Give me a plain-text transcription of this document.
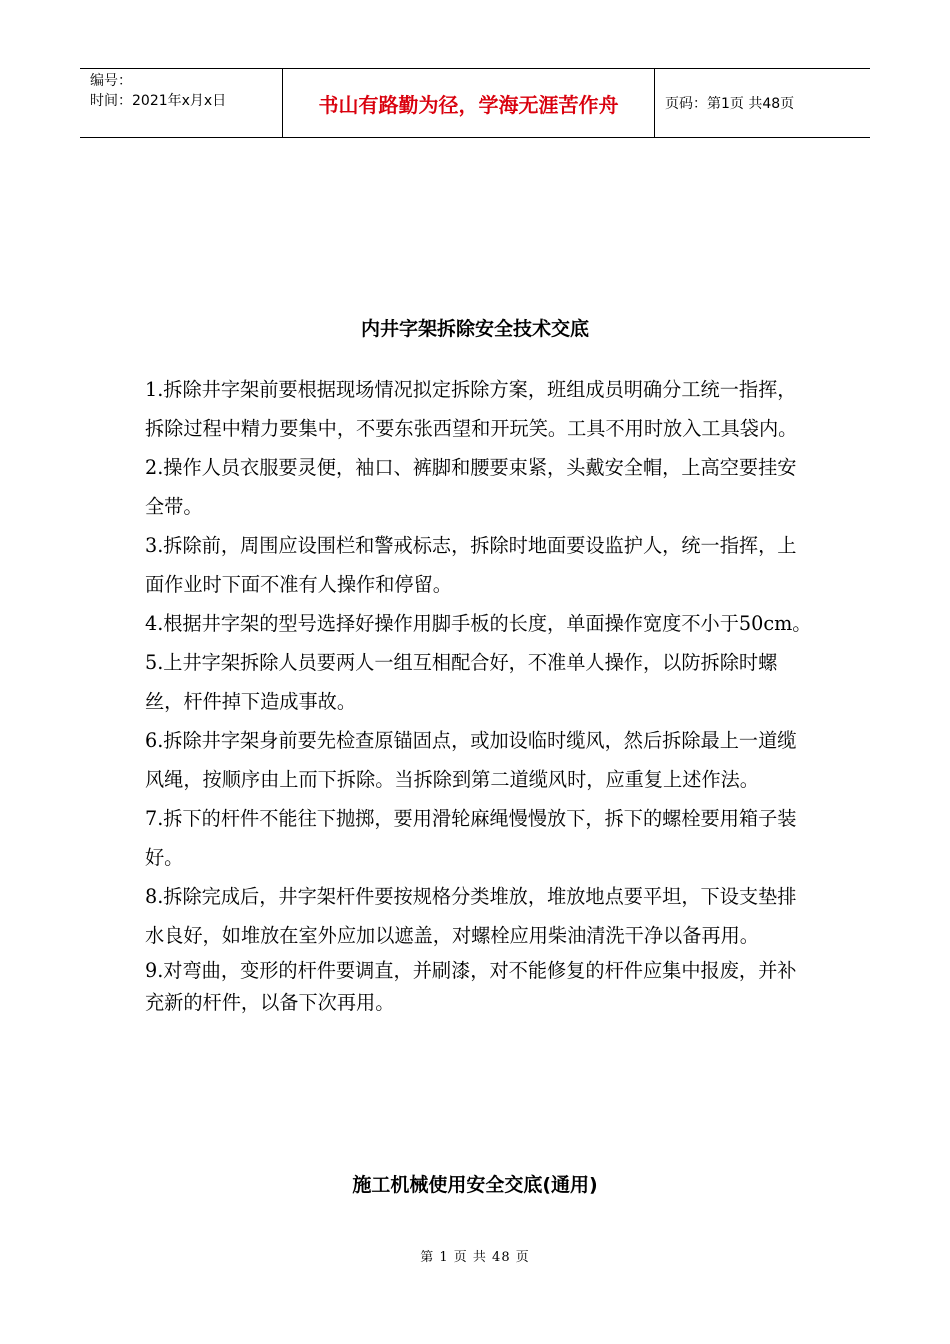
编号：
时间：2021年x月x日	书山有路勤为径，学海无涯苦作舟	页码：第1页 共48页
内井字架拆除安全技术交底

1.拆除井字架前要根据现场情况拟定拆除方案，班组成员明确分工统一指挥，拆除过程中精力要集中，不要东张西望和开玩笑。工具不用时放入工具袋内。

2.操作人员衣服要灵便，袖口、裤脚和腰要束紧，头戴安全帽，上高空要挂安全带。

3.拆除前，周围应设围栏和警戒标志，拆除时地面要设监护人，统一指挥，上面作业时下面不准有人操作和停留。

4.根据井字架的型号选择好操作用脚手板的长度，单面操作宽度不小于50cm。

5.上井字架拆除人员要两人一组互相配合好，不准单人操作，以防拆除时螺丝，杆件掉下造成事故。

6.拆除井字架身前要先检查原锚固点，或加设临时缆风，然后拆除最上一道缆风绳，按顺序由上而下拆除。当拆除到第二道缆风时，应重复上述作法。

7.拆下的杆件不能往下抛掷，要用滑轮麻绳慢慢放下，拆下的螺栓要用箱子装好。

8.拆除完成后，井字架杆件要按规格分类堆放，堆放地点要平坦，下设支垫排水良好，如堆放在室外应加以遮盖，对螺栓应用柴油清洗干净以备再用。

9.对弯曲，变形的杆件要调直，并刷漆，对不能修复的杆件应集中报废，并补充新的杆件，以备下次再用。

施工机械使用安全交底(通用)
第 1 页 共 48 页
